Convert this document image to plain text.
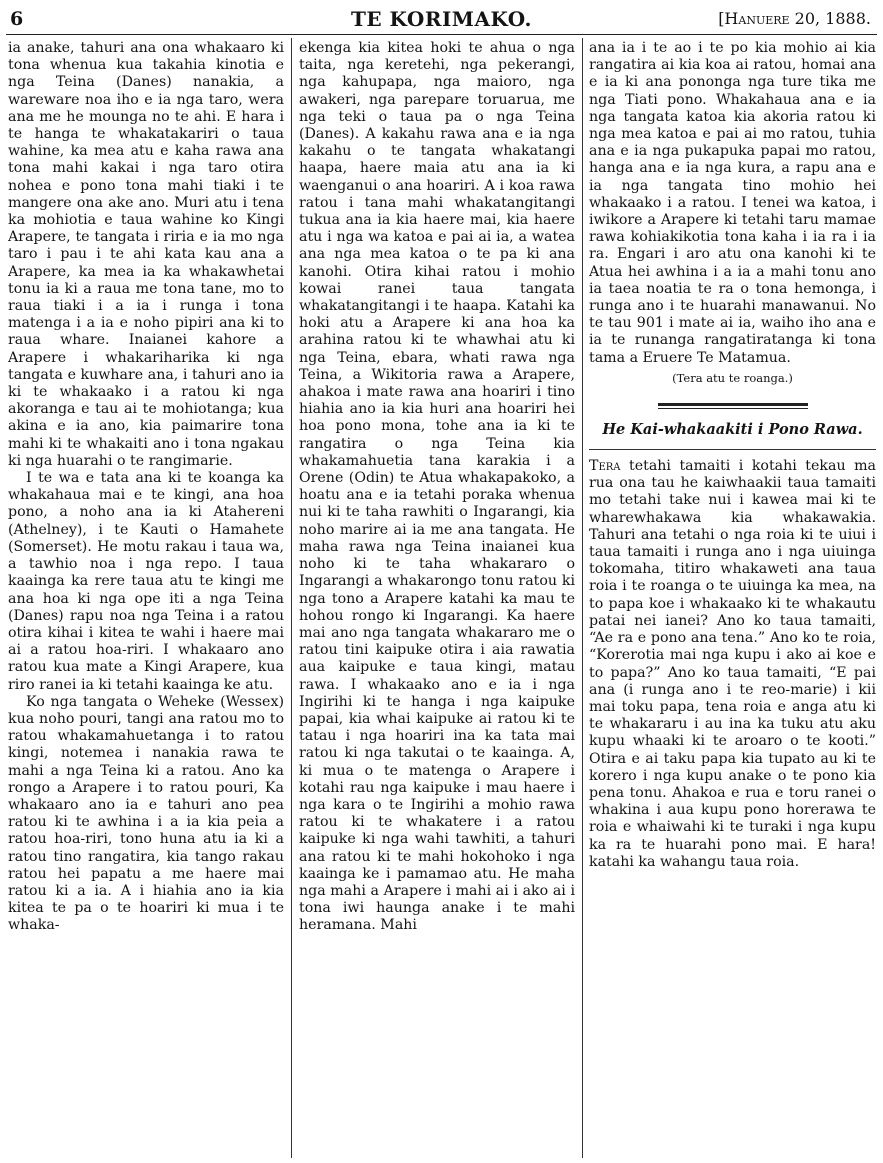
6	TE KORIMAKO.	[Hanuere 20, 1888.

ia anake, tahuri ana ona whakaaro ki tona whenua kua takahia kinotia e nga Teina (Danes) nanakia, a wareware noa iho e ia nga taro, wera ana me he moungа no te ahi. E hara i te hanga te whakatakariri o taua wahine, ka mea atu e kaha rawa ana tona mahi kakai i nga taro otira nohea e pono tona mahi tiaki i te mangere ona ake ano. Muri atu i tena ka mohiotia e taua wahine ko Kingi Arapere, te tangata i riria e ia mo nga taro i pau i te ahi kata kau ana a Arapere, ka mea ia ka whakawhetai tonu ia ki a raua me tona tane, mo to raua tiaki i a ia i runga i tona matenga i a ia e noho pipiri ana ki to raua whare. Inaianei kahore a Arapere i whakariharika ki nga tangata e kuwhare ana, i tahuri ano ia ki te whakaako i a ratou ki nga akoranga e tau ai te mohiotanga; kua akina e ia ano, kia paimarire tona mahi ki te whakaiti ano i tona ngakau ki nga huarahi o te rangimarie.

I te wa e tata ana ki te koanga ka whakahaua mai e te kingi, ana hoa pono, a noho ana ia ki Atahereni (Athelney), i te Kauti o Hamahete (Somerset). He motu rakau i taua wa, a tawhio noa i nga repo. I taua kaainga ka rere taua atu te kingi me ana hoa ki nga ope iti a nga Teina (Danes) rapu noa nga Teina i a ratou otira kihai i kitea te wahi i haere mai ai a ratou hoa-riri. I whakaaro ano ratou kua mate a Kingi Arapere, kua riro ranei ia ki tetahi kaainga ke atu.

Ko nga tangata o Weheke (Wessex) kua noho pouri, tangi ana ratou mo to ratou whakamahuetanga i to ratou kingi, notemea i nanakia rawa te mahi a nga Teina ki a ratou. Ano ka rongo a Arapere i to ratou pouri, Ka whakaaro ano ia e tahuri ano pea ratou ki te awhina i a ia kia peia a ratou hoa-riri, tono huna atu ia ki a ratou tino rangatira, kia tango rakau ratou hei papatu a me haere mai ratou ki a ia. A i hiahia ano ia kia kitea te pa o te hoariri ki mua i te whaka-

ekenga kia kitea hoki te ahua o nga taita, nga keretehi, nga pekerangi, nga kahupapa, nga maioro, nga awakeri, nga parepare toruarua, me nga teki o taua pa o nga Teina (Danes). A kakahu rawa ana e ia nga kakahu o te tangata whakatangi haapa, haere maia atu ana ia ki waenganui o ana hoariri. A i koa rawa ratou i tana mahi whakatangitangi tukua ana ia kia haere mai, kia haere atu i nga wa katoa e pai ai ia, a watea ana nga mea katoa o te pa ki ana kanohi. Otira kihai ratou i mohio kowai ranei taua tangata whakatangitangi i te haapa. Katahi ka hoki atu a Arapere ki ana hoa ka arahina ratou ki te whawhai atu ki nga Teina, ebara, whati rawa nga Teina, a Wikitoria rawa a Arapere, ahakoa i mate rawa ana hoariri i tino hiahia ano ia kia huri ana hoariri hei hoa pono mona, tohe ana ia ki te rangatira o nga Teina kia whakamahuetia tana karakia i a Orene (Odin) te Atua whakapakoko, a hoatu ana e ia tetahi poraka whenua nui ki te taha rawhiti o Ingarangi, kia noho marire ai ia me ana tangata. He maha rawa nga Teina inaianei kua noho ki te taha whakararo o Ingarangi a whakarongo tonu ratou ki nga tono a Arapere katahi ka mau te hohou rongo ki Ingarangi. Ka haere mai ano nga tangata whakararo me o ratou tini kaipuke otira i aia rawatia aua kaipuke e taua kingi, matau rawa. I whakaako ano e ia i nga Ingirihi ki te hanga i nga kaipuke papai, kia whai kaipuke ai ratou ki te tatau i nga hoariri ina ka tata mai ratou ki nga takutai o te kaainga. A, ki mua o te matenga o Arapere i kotahi rau nga kaipuke i mau haere i nga kara o te Ingirihi a mohio rawa ratou ki te whakatere i a ratou kaipuke ki nga wahi tawhiti, a tahuri ana ratou ki te mahi hokohoko i nga kaainga ke i pamamao atu. He maha nga mahi a Arapere i mahi ai i ako ai i tona iwi haunga anake i te mahi heramana. Mahi

ana ia i te ao i te po kia mohio ai kia rangatira ai kia koa ai ratou, homai ana e ia ki ana ponongа nga ture tika me nga Tiati pono. Whakahaua ana e ia nga tangata katoa kia akoria ratou ki nga mea katoa e pai ai mo ratou, tuhia ana e ia nga pukapuka papai mo ratou, hanga ana e ia nga kura, a rapu ana e ia nga tangata tino mohio hei whakaako i a ratou. I tenei wa katoa, i iwikore a Arapere ki tetahi taru mamae rawa kohiakikotia tona kaha i ia ra i ia ra. Engari i aro atu ona kanohi ki te Atua hei awhina i a ia a mahi tonu ano ia taea noatia te ra o tona hemonga, i runga ano i te huarahi manawanui. No te tau 901 i mate ai ia, waiho iho ana e ia te runanga rangatiratanga ki tona tama a Eruere Te Matamua.

(Tera atu te roanga.)

He Kai-whakaakiti i Pono Rawa.

Tera tetahi tamaiti i kotahi tekau ma rua ona tau he kaiwhaakii taua tamaiti mo tetahi take nui i kawea mai ki te wharewhakawa kia whakawakia. Tahuri ana tetahi o nga roia ki te uiui i taua tamaiti i runga ano i nga uiuinga tokomaha, titiro whakaweti ana taua roia i te roanga o te uiuinga ka mea, na to papa koe i whakaako ki te whakautu patai nei ianei? Ano ko taua tamaiti, “Ae ra e pono ana tena.” Ano ko te roia, “Korerotia mai nga kupu i ako ai koe e to papa?” Ano ko taua tamaiti, “E pai ana (i runga ano i te reo-marie) i kii mai toku papa, tena roia e anga atu ki te whakararu i au ina ka tuku atu aku kupu whaaki ki te aroaro o te kooti.” Otira e ai taku papa kia tupato au ki te korero i nga kupu anake o te pono kia pena tonu. Ahakoa e rua e toru ranei o whakina i aua kupu pono horerawa te roia e whaiwahi ki te turaki i nga kupu ka ra te huarahi pono mai. E hara! katahi ka wahangu taua roia.
